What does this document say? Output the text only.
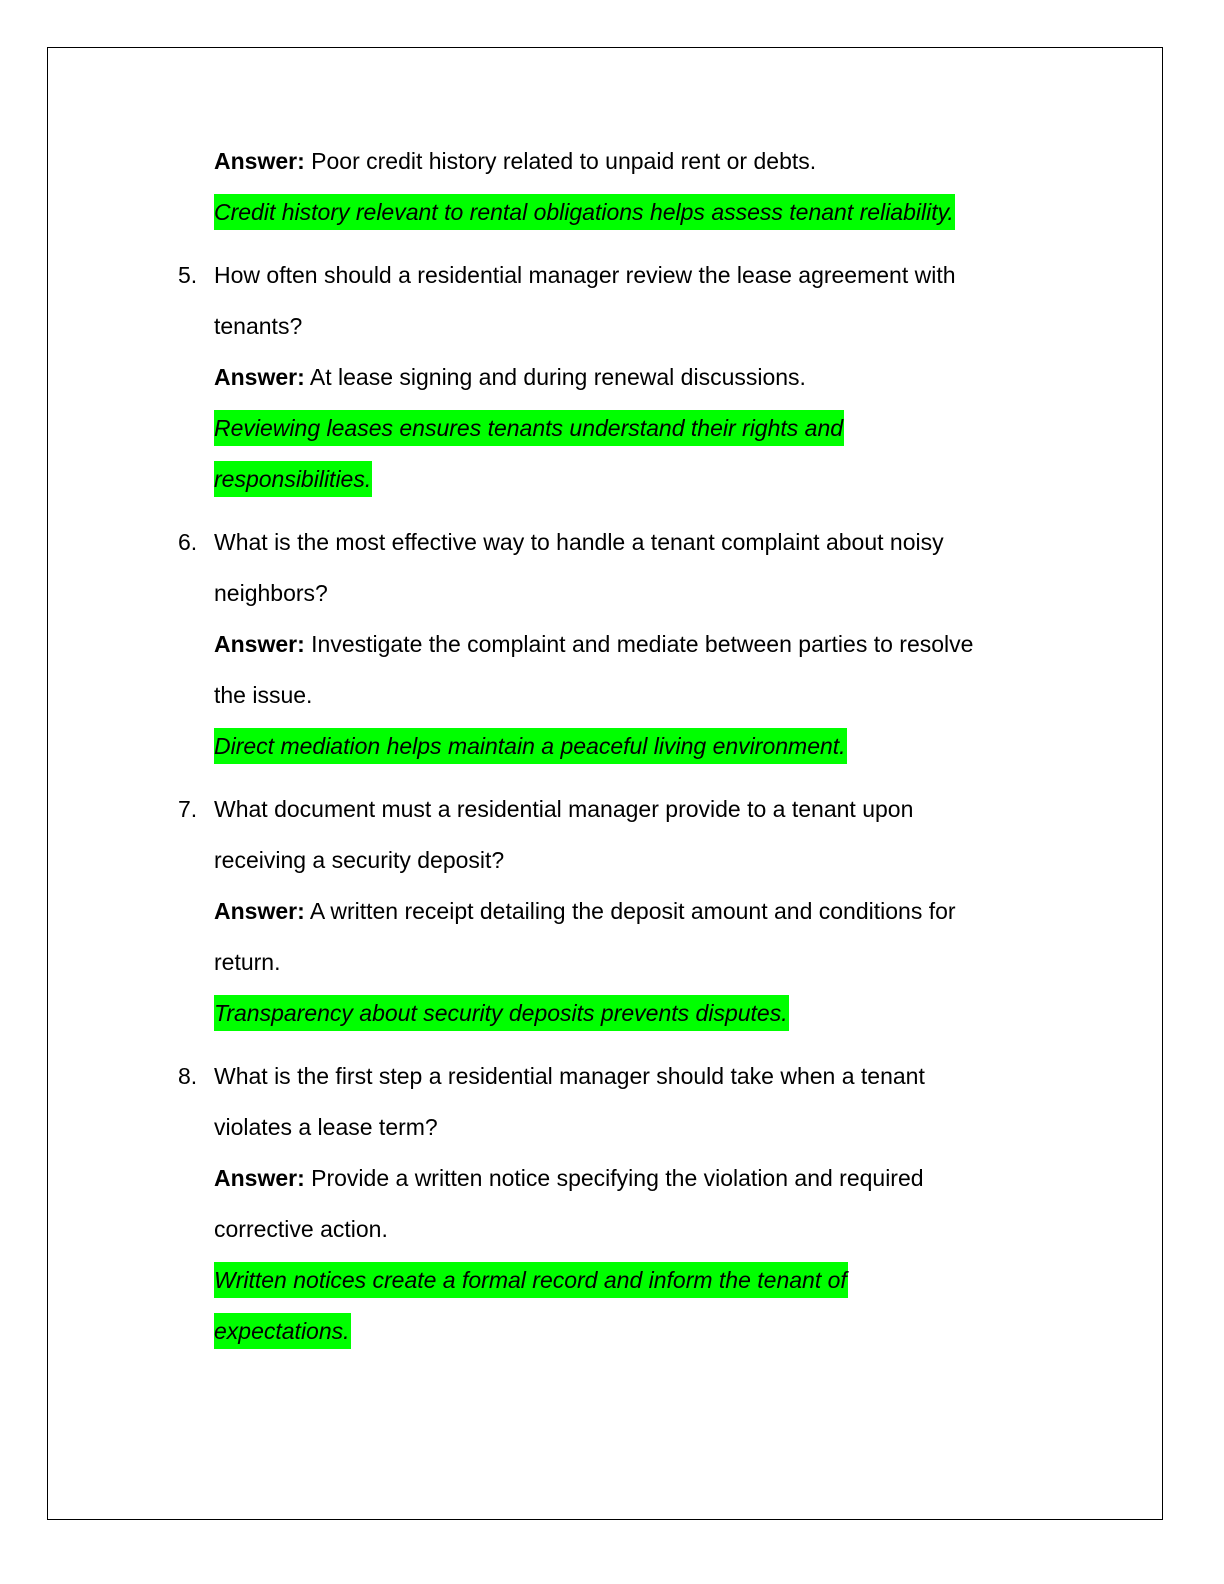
Answer: Poor credit history related to unpaid rent or debts.
Credit history relevant to rental obligations helps assess tenant reliability.
5. How often should a residential manager review the lease agreement with
tenants?
Answer: At lease signing and during renewal discussions.
Reviewing leases ensures tenants understand their rights and
responsibilities.
6. What is the most effective way to handle a tenant complaint about noisy
neighbors?
Answer: Investigate the complaint and mediate between parties to resolve
the issue.
Direct mediation helps maintain a peaceful living environment.
7. What document must a residential manager provide to a tenant upon
receiving a security deposit?
Answer: A written receipt detailing the deposit amount and conditions for
return.
Transparency about security deposits prevents disputes.
8. What is the first step a residential manager should take when a tenant
violates a lease term?
Answer: Provide a written notice specifying the violation and required
corrective action.
Written notices create a formal record and inform the tenant of
expectations.
